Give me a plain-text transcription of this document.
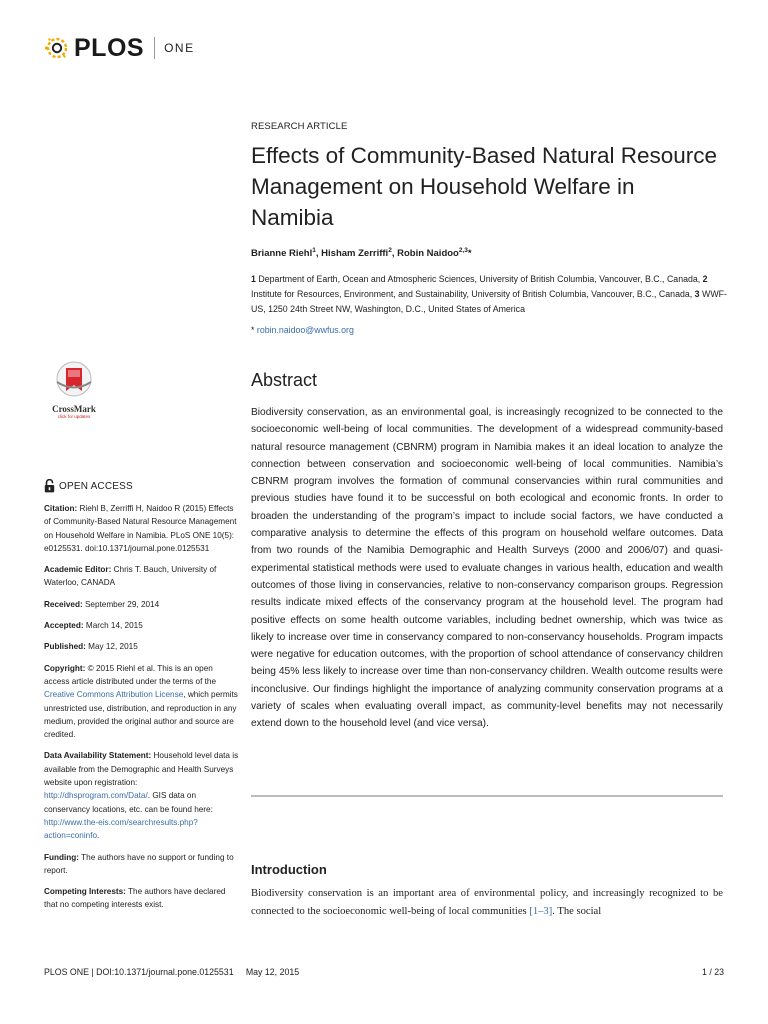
PLOS ONE
CrossMark
click for updates
OPEN ACCESS
Citation: Riehl B, Zerriffi H, Naidoo R (2015) Effects of Community-Based Natural Resource Management on Household Welfare in Namibia. PLoS ONE 10(5): e0125531. doi:10.1371/journal.pone.0125531
Academic Editor: Chris T. Bauch, University of Waterloo, CANADA
Received: September 29, 2014
Accepted: March 14, 2015
Published: May 12, 2015
Copyright: © 2015 Riehl et al. This is an open access article distributed under the terms of the Creative Commons Attribution License, which permits unrestricted use, distribution, and reproduction in any medium, provided the original author and source are credited.
Data Availability Statement: Household level data is available from the Demographic and Health Surveys website upon registration: http://dhsprogram.com/Data/. GIS data on conservancy locations, etc. can be found here: http://www.the-eis.com/searchresults.php?action=coninfo.
Funding: The authors have no support or funding to report.
Competing Interests: The authors have declared that no competing interests exist.
RESEARCH ARTICLE
Effects of Community-Based Natural Resource Management on Household Welfare in Namibia
Brianne Riehl$^1$, Hisham Zerriffi$^2$, Robin Naidoo$^{2,3}$*
1 Department of Earth, Ocean and Atmospheric Sciences, University of British Columbia, Vancouver, B.C., Canada, 2 Institute for Resources, Environment, and Sustainability, University of British Columbia, Vancouver, B.C., Canada, 3 WWF-US, 1250 24th Street NW, Washington, D.C., United States of America
* robin.naidoo@wwfus.org
Abstract
Biodiversity conservation, as an environmental goal, is increasingly recognized to be connected to the socioeconomic well-being of local communities. The development of a widespread community-based natural resource management (CBNRM) program in Namibia makes it an ideal location to analyze the connection between conservation and socioeconomic well-being of local communities. Namibia’s CBNRM program involves the formation of communal conservancies within rural communities and previous studies have found it to be successful on both ecological and economic fronts. In order to broaden the understanding of the program’s impact to include social factors, we have conducted a comparative analysis to determine the effects of this program on household welfare outcomes. Data from two rounds of the Namibia Demographic and Health Surveys (2000 and 2006/07) and quasi-experimental statistical methods were used to evaluate changes in various health, education and wealth outcomes of those living in conservancies, relative to non-conservancy comparison groups. Regression results indicate mixed effects of the conservancy program at the household level. The program had positive effects on some health outcome variables, including bednet ownership, which was twice as likely to increase over time in conservancy compared to non-conservancy households. Program impacts were negative for education outcomes, with the proportion of school attendance of conservancy children being 45% less likely to increase over time than non-conservancy children. Wealth outcome results were inconclusive. Our findings highlight the importance of analyzing community conservation programs at a variety of scales when evaluating overall impact, as community-level benefits may not necessarily extend down to the household level (and vice versa).
Introduction
Biodiversity conservation is an important area of environmental policy, and increasingly recognized to be connected to the socioeconomic well-being of local communities [1–3]. The social
PLOS ONE | DOI:10.1371/journal.pone.0125531 May 12, 2015	1 / 23
